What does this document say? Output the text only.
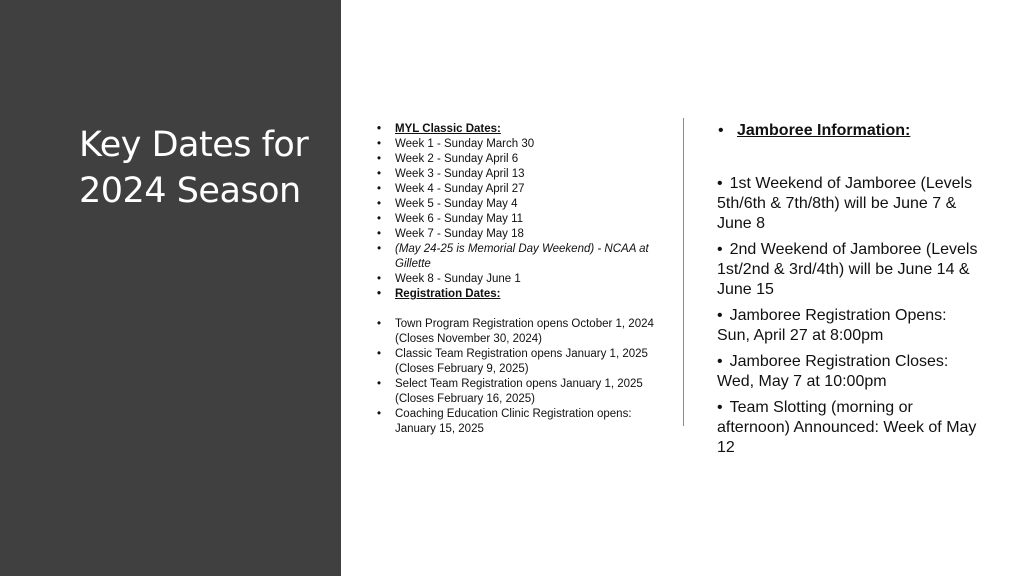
Key Dates for
2024 Season
• MYL Classic Dates:
• Week 1 - Sunday March 30
• Week 2 - Sunday April 6
• Week 3 - Sunday April 13
• Week 4 - Sunday April 27
• Week 5 - Sunday May 4
• Week 6 - Sunday May 11
• Week 7 - Sunday May 18
• (May 24-25 is Memorial Day Weekend) - NCAA at Gillette
• Week 8 - Sunday June 1
• Registration Dates:
• Town Program Registration opens October 1, 2024 (Closes November 30, 2024)
• Classic Team Registration opens January 1, 2025 (Closes February 9, 2025)
• Select Team Registration opens January 1, 2025 (Closes February 16, 2025)
• Coaching Education Clinic Registration opens: January 15, 2025
• Jamboree Information:
• 1st Weekend of Jamboree (Levels 5th/6th & 7th/8th) will be June 7 & June 8
• 2nd Weekend of Jamboree (Levels 1st/2nd & 3rd/4th) will be June 14 & June 15
• Jamboree Registration Opens: Sun, April 27 at 8:00pm
• Jamboree Registration Closes: Wed, May 7 at 10:00pm
• Team Slotting (morning or afternoon) Announced: Week of May 12
